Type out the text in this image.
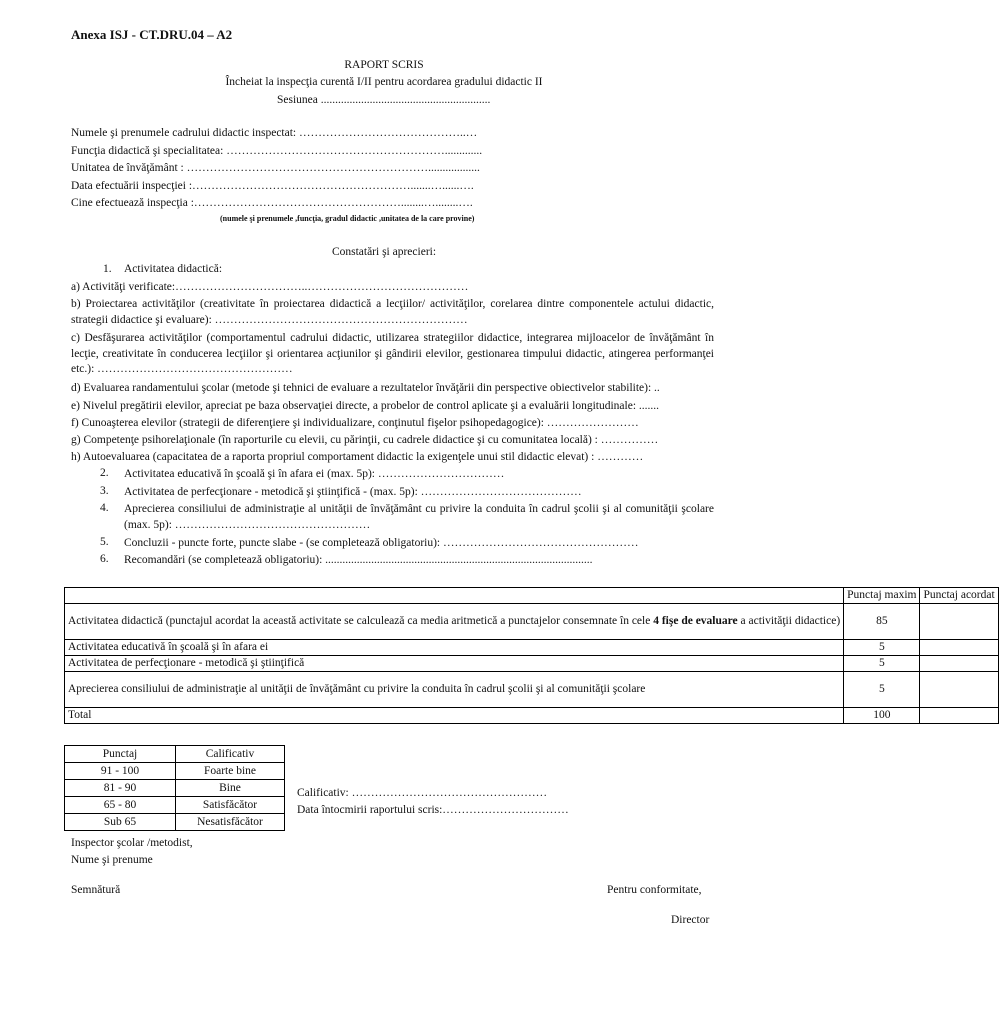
Anexa ISJ - CT.DRU.04 – A2
RAPORT SCRIS
Încheiat la inspecţia curentă I/II pentru acordarea gradului didactic II
Sesiunea ...........................................................
Numele şi prenumele cadrului didactic inspectat: ……………………………………..…
Funcţia didactică şi specialitatea: ………………………………………………….............
Unitatea de învăţământ : ………………………………………………………..................
Data efectuării inspecţiei :………………………………………………….......…......….
Cine efectuează inspecţia :………………………………………………........…........….
(numele şi prenumele ,funcţia, gradul didactic ,unitatea de la care provine)
Constatări şi aprecieri:
1. Activitatea didactică:
a) Activităţi verificate:……………………………..……………………………………
b) Proiectarea activităţilor (creativitate în proiectarea didactică a lecţiilor/ activităţilor, corelarea dintre componentele actului didactic, strategii didactice şi evaluare): …………………………………………………………
c) Desfăşurarea activităţilor (comportamentul cadrului didactic, utilizarea strategiilor didactice, integrarea mijloacelor de învăţământ în lecţie, creativitate în conducerea lecţiilor şi orientarea acţiunilor şi gândirii elevilor, gestionarea timpului didactic, atingerea performanţei etc.): ……………………………………………
d) Evaluarea randamentului şcolar (metode şi tehnici de evaluare a rezultatelor învăţării din perspective obiectivelor stabilite): ..
e) Nivelul pregătirii elevilor, apreciat pe baza observaţiei directe, a probelor de control aplicate şi a evaluării longitudinale: .......
f) Cunoaşterea elevilor (strategii de diferenţiere şi individualizare, conţinutul fişelor psihopedagogice): ……………………
g) Competenţe psihorelaţionale (în raporturile cu elevii, cu părinţii, cu cadrele didactice şi cu comunitatea locală) : ……………
h) Autoevaluarea (capacitatea de a raporta propriul comportament didactic la exigenţele unui stil didactic elevat) : …………
2. Activitatea educativă în şcoală şi în afara ei (max. 5p): ……………………………
3. Activitatea de perfecţionare - metodică şi ştiinţifică - (max. 5p): ……………………………………
4. Aprecierea consiliului de administraţie al unităţii de învăţământ cu privire la conduita în cadrul şcolii şi al comunităţii şcolare (max. 5p): ……………………………………………
5. Concluzii - puncte forte, puncte slabe - (se completează obligatoriu): ……………………………………………
6. Recomandări (se completează obligatoriu): .............................................................................................
	Punctaj maxim	Punctaj acordat
Activitatea didactică (punctajul acordat la această activitate se calculează ca media aritmetică a punctajelor consemnate în cele 4 fişe de evaluare a activităţii didactice)	85	
Activitatea educativă în şcoală şi în afara ei	5	
Activitatea de perfecţionare - metodică şi ştiinţifică	5	
Aprecierea consiliului de administraţie al unităţii de învăţământ cu privire la conduita în cadrul şcolii şi al comunităţii şcolare	5	
Total	100	
Punctaj	Calificativ
91 - 100	Foarte bine
81 - 90	Bine
65 - 80	Satisfăcător
Sub 65	Nesatisfăcător
Calificativ: ……………………………………………
Data întocmirii raportului scris:……………………………
Inspector şcolar /metodist,
Nume şi prenume
Semnătură	Pentru conformitate,
Director
